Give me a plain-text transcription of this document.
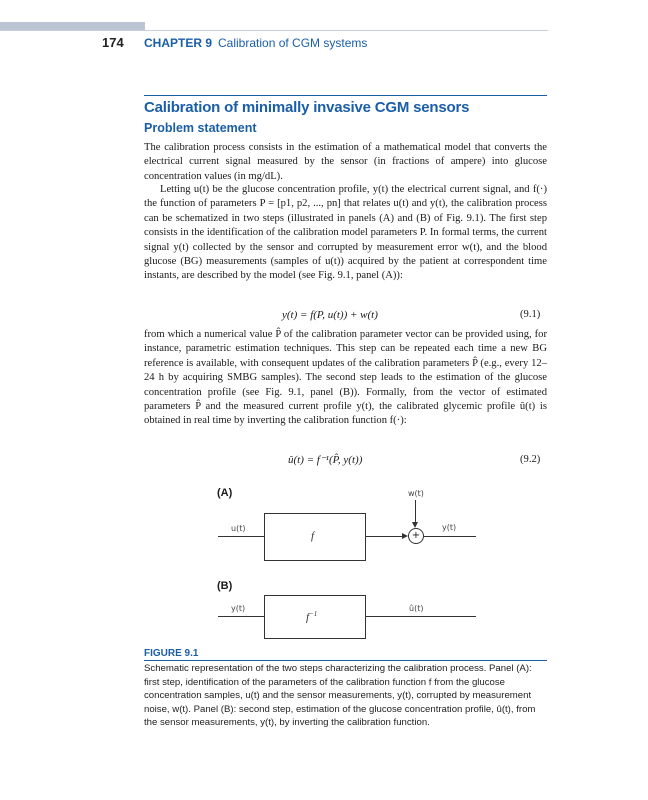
174 CHAPTER 9 Calibration of CGM systems
Calibration of minimally invasive CGM sensors
Problem statement
The calibration process consists in the estimation of a mathematical model that converts the electrical current signal measured by the sensor (in fractions of ampere) into glucose concentration values (in mg/dL).
Letting u(t) be the glucose concentration profile, y(t) the electrical current signal, and f(·) the function of parameters P = [p1, p2, ..., pn] that relates u(t) and y(t), the calibration process can be schematized in two steps (illustrated in panels (A) and (B) of Fig. 9.1). The first step consists in the identification of the calibration model parameters P. In formal terms, the current signal y(t) collected by the sensor and corrupted by measurement error w(t), and the blood glucose (BG) measurements (samples of u(t)) acquired by the patient at correspondent time instants, are described by the model (see Fig. 9.1, panel (A)):
y(t) = f(P, u(t)) + w(t)	(9.1)
from which a numerical value P̂ of the calibration parameter vector can be provided using, for instance, parametric estimation techniques. This step can be repeated each time a new BG reference is available, with consequent updates of the calibration parameters P̂ (e.g., every 12–24 h by acquiring SMBG samples). The second step leads to the estimation of the glucose concentration profile (see Fig. 9.1, panel (B)). Formally, from the vector of estimated parameters P̂ and the measured current profile y(t), the calibrated glycemic profile û(t) is obtained in real time by inverting the calibration function f(·):
û(t) = f⁻¹(P̂, y(t))	(9.2)
(A)	w(t)
u(t)
f	+
y(t)
(B)
y(t)
$f^{-1}$
û(t)
FIGURE 9.1
Schematic representation of the two steps characterizing the calibration process. Panel (A): first step, identification of the parameters of the calibration function f from the glucose concentration samples, u(t) and the sensor measurements, y(t), corrupted by measurement noise, w(t). Panel (B): second step, estimation of the glucose concentration profile, û(t), from the sensor measurements, y(t), by inverting the calibration function.
